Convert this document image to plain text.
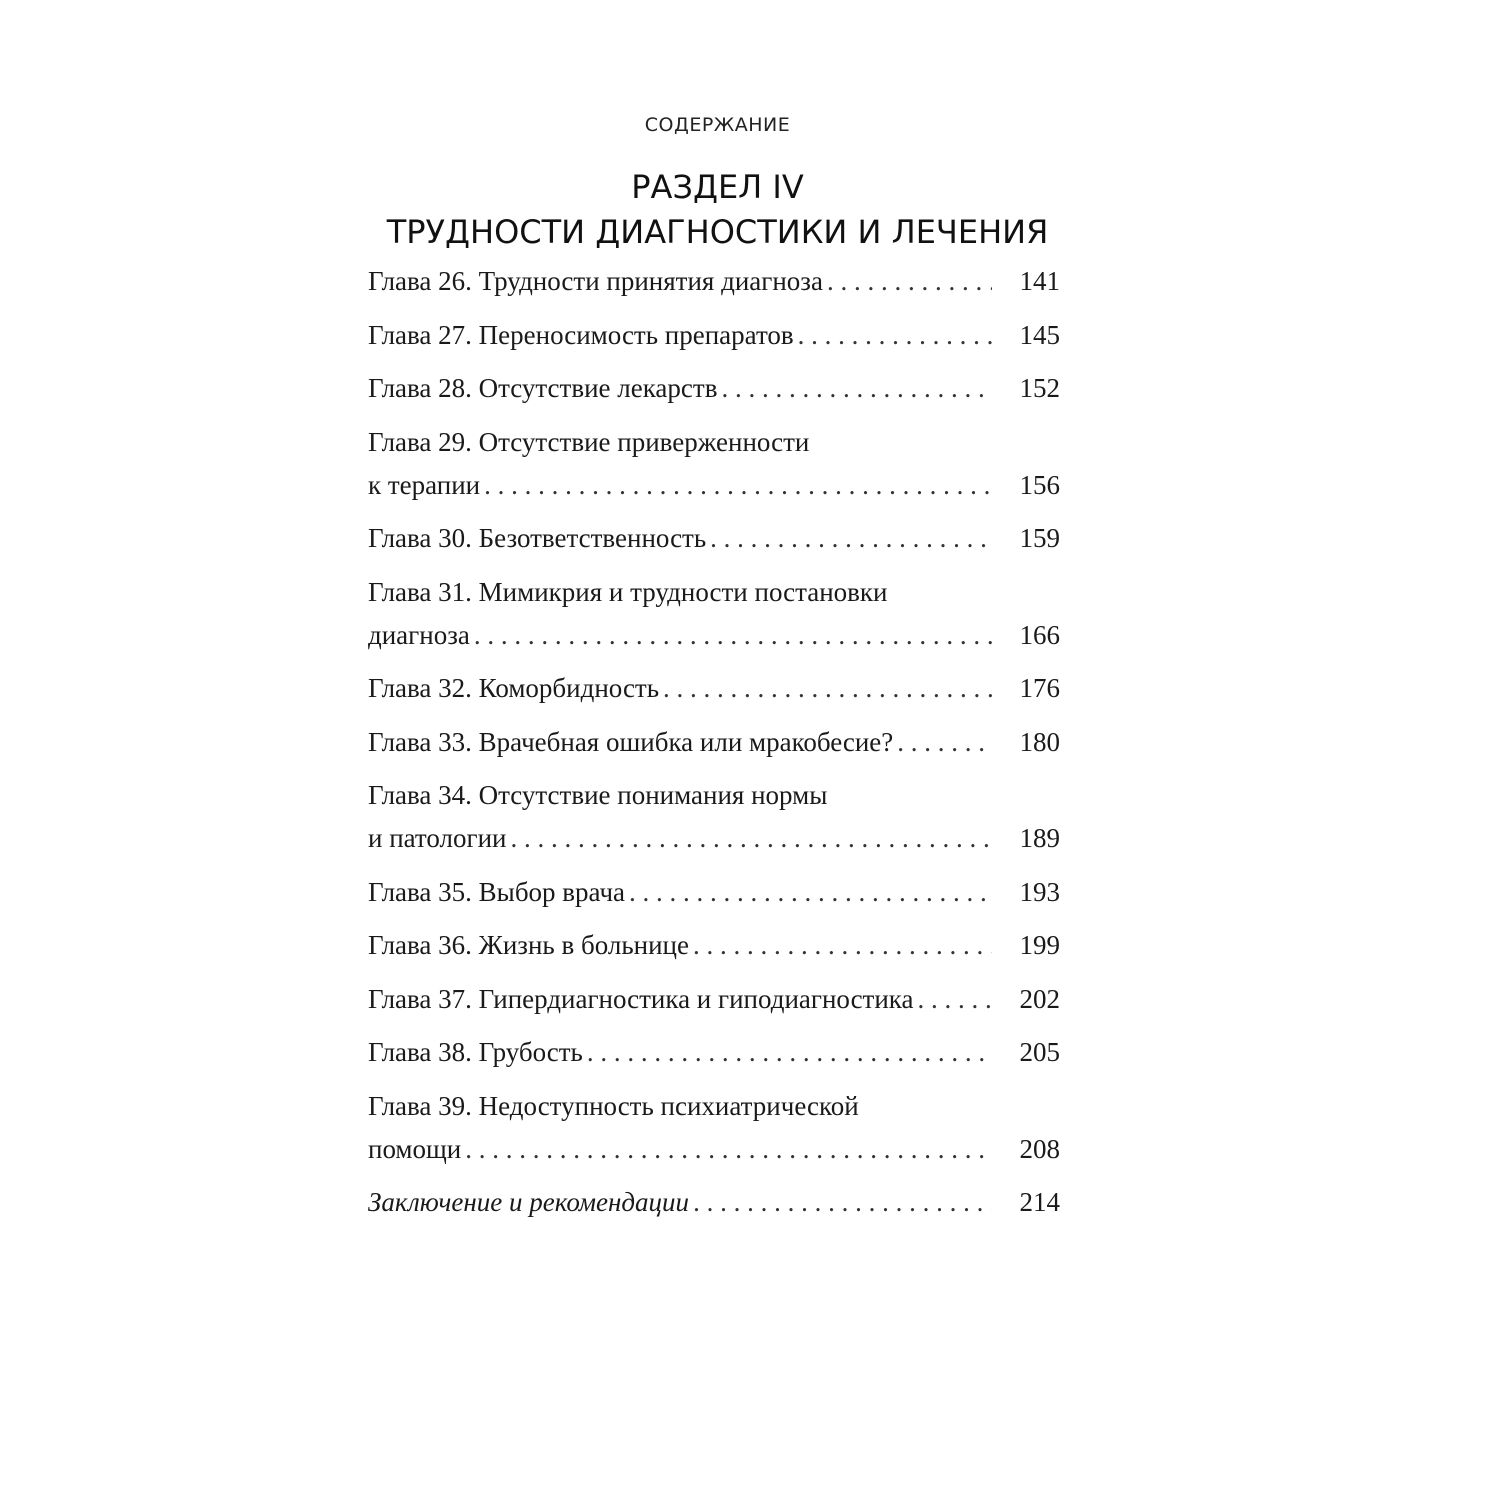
СОДЕРЖАНИЕ
РАЗДЕЛ IV
ТРУДНОСТИ ДИАГНОСТИКИ И ЛЕЧЕНИЯ
Глава 26. Трудности принятия диагноза . . .	141
Глава 27. Переносимость препаратов . . .	145
Глава 28. Отсутствие лекарств . . .	152
Глава 29. Отсутствие приверженности
к терапии . . .	156
Глава 30. Безответственность . . .	159
Глава 31. Мимикрия и трудности постановки
диагноза . . .	166
Глава 32. Коморбидность . . .	176
Глава 33. Врачебная ошибка или мракобесие? . . .	180
Глава 34. Отсутствие понимания нормы
и патологии . . .	189
Глава 35. Выбор врача . . .	193
Глава 36. Жизнь в больнице . . .	199
Глава 37. Гипердиагностика и гиподиагностика . . .	202
Глава 38. Грубость . . .	205
Глава 39. Недоступность психиатрической
помощи . . .	208
Заключение и рекомендации . . .	214
